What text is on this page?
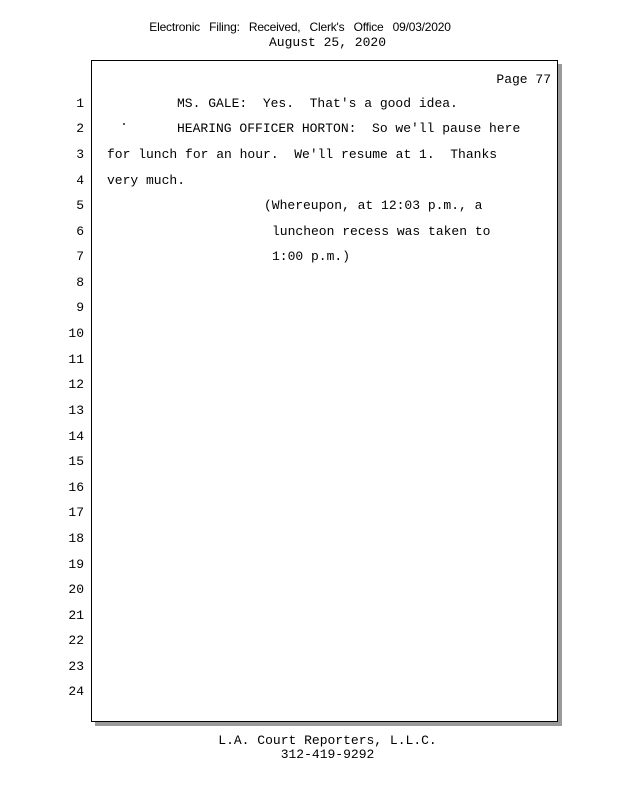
Electronic Filing: Received, Clerk's Office 09/03/2020
August 25, 2020
Page 77
1
2
3
4
5
6
7
8
9
10
11
12
13
14
15
16
17
18
19
20
21
22
23
24
MS. GALE:  Yes.  That's a good idea.
HEARING OFFICER HORTON:  So we'll pause here
for lunch for an hour.  We'll resume at 1.  Thanks
very much.
(Whereupon, at 12:03 p.m., a
luncheon recess was taken to
1:00 p.m.)
L.A. Court Reporters, L.L.C.
312-419-9292
